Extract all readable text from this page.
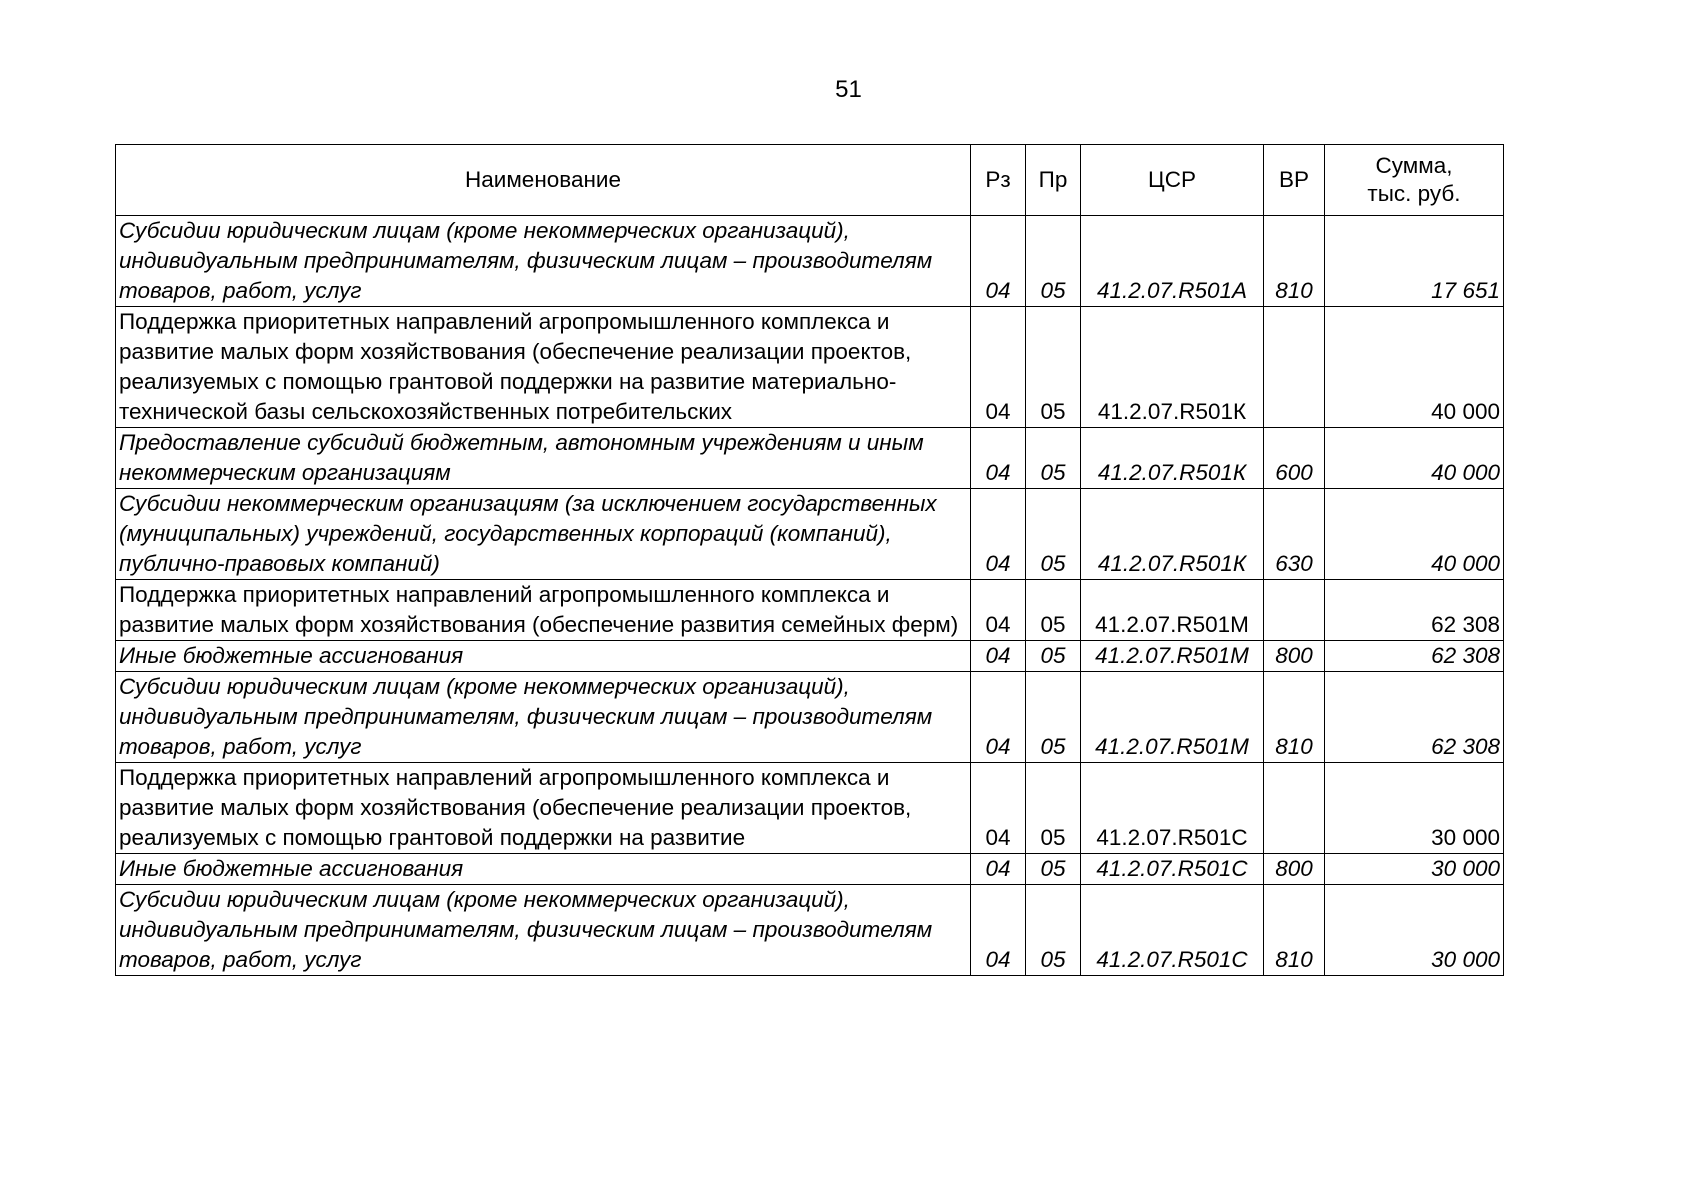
51
Наименование	Рз	Пр	ЦСР	ВР	Сумма,
тыс. руб.

Субсидии юридическим лицам (кроме некоммерческих организаций), индивидуальным предпринимателям, физическим лицам – производителям товаров, работ, услуг	04	05	41.2.07.R501А	810	17 651
Поддержка приоритетных направлений агропромышленного комплекса и развитие малых форм хозяйствования (обеспечение реализации проектов, реализуемых с помощью грантовой поддержки на развитие материально-технической базы сельскохозяйственных потребительских	04	05	41.2.07.R501К		40 000
Предоставление субсидий бюджетным, автономным учреждениям и иным некоммерческим организациям	04	05	41.2.07.R501К	600	40 000
Субсидии некоммерческим организациям (за исключением государственных (муниципальных) учреждений, государственных корпораций (компаний), публично-правовых компаний)	04	05	41.2.07.R501К	630	40 000
Поддержка приоритетных направлений агропромышленного комплекса и развитие малых форм хозяйствования (обеспечение развития семейных ферм)	04	05	41.2.07.R501М		62 308
Иные бюджетные ассигнования	04	05	41.2.07.R501М	800	62 308
Субсидии юридическим лицам (кроме некоммерческих организаций), индивидуальным предпринимателям, физическим лицам – производителям товаров, работ, услуг	04	05	41.2.07.R501М	810	62 308
Поддержка приоритетных направлений агропромышленного комплекса и развитие малых форм хозяйствования (обеспечение реализации проектов, реализуемых с помощью грантовой поддержки на развитие	04	05	41.2.07.R501С		30 000
Иные бюджетные ассигнования	04	05	41.2.07.R501С	800	30 000
Субсидии юридическим лицам (кроме некоммерческих организаций), индивидуальным предпринимателям, физическим лицам – производителям товаров, работ, услуг	04	05	41.2.07.R501С	810	30 000
